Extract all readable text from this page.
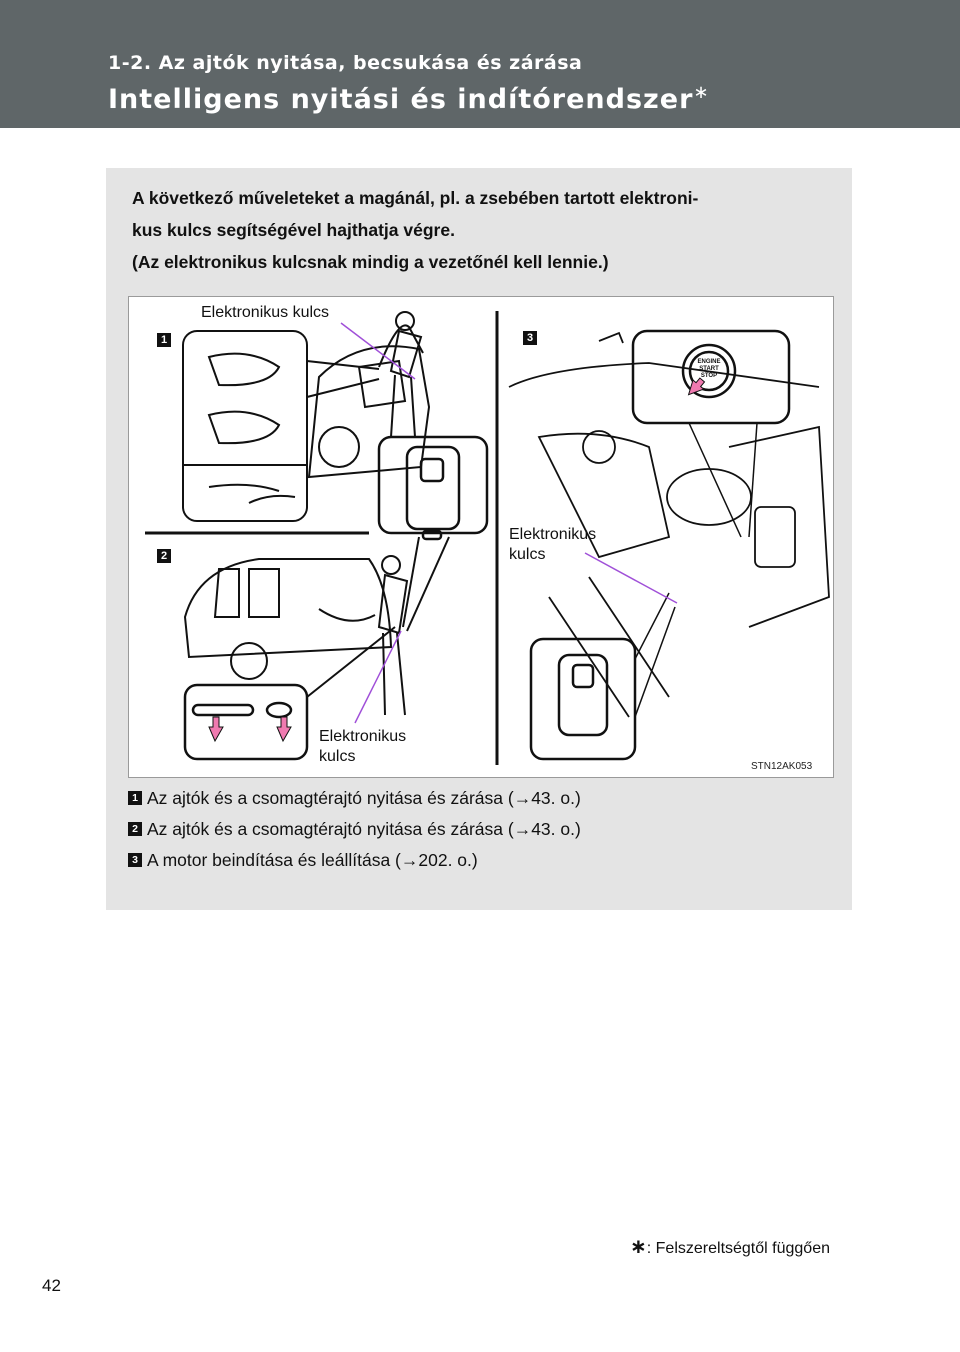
1-2. Az ajtók nyitása, becsukása és zárása
Intelligens nyitási és indítórendszer∗
A következő műveleteket a magánál, pl. a zsebében tartott elektroni-
kus kulcs segítségével hajthatja végre.
(Az elektronikus kulcsnak mindig a vezetőnél kell lennie.)
1
2
3
Elektronikus kulcs
Elektronikus
kulcs
Elektronikus
kulcs
ENGINE
START
STOP
STN12AK053
1 Az ajtók és a csomagtérajtó nyitása és zárása (→43. o.)
2 Az ajtók és a csomagtérajtó nyitása és zárása (→43. o.)
3 A motor beindítása és leállítása (→202. o.)
∗: Felszereltségtől függően
42
